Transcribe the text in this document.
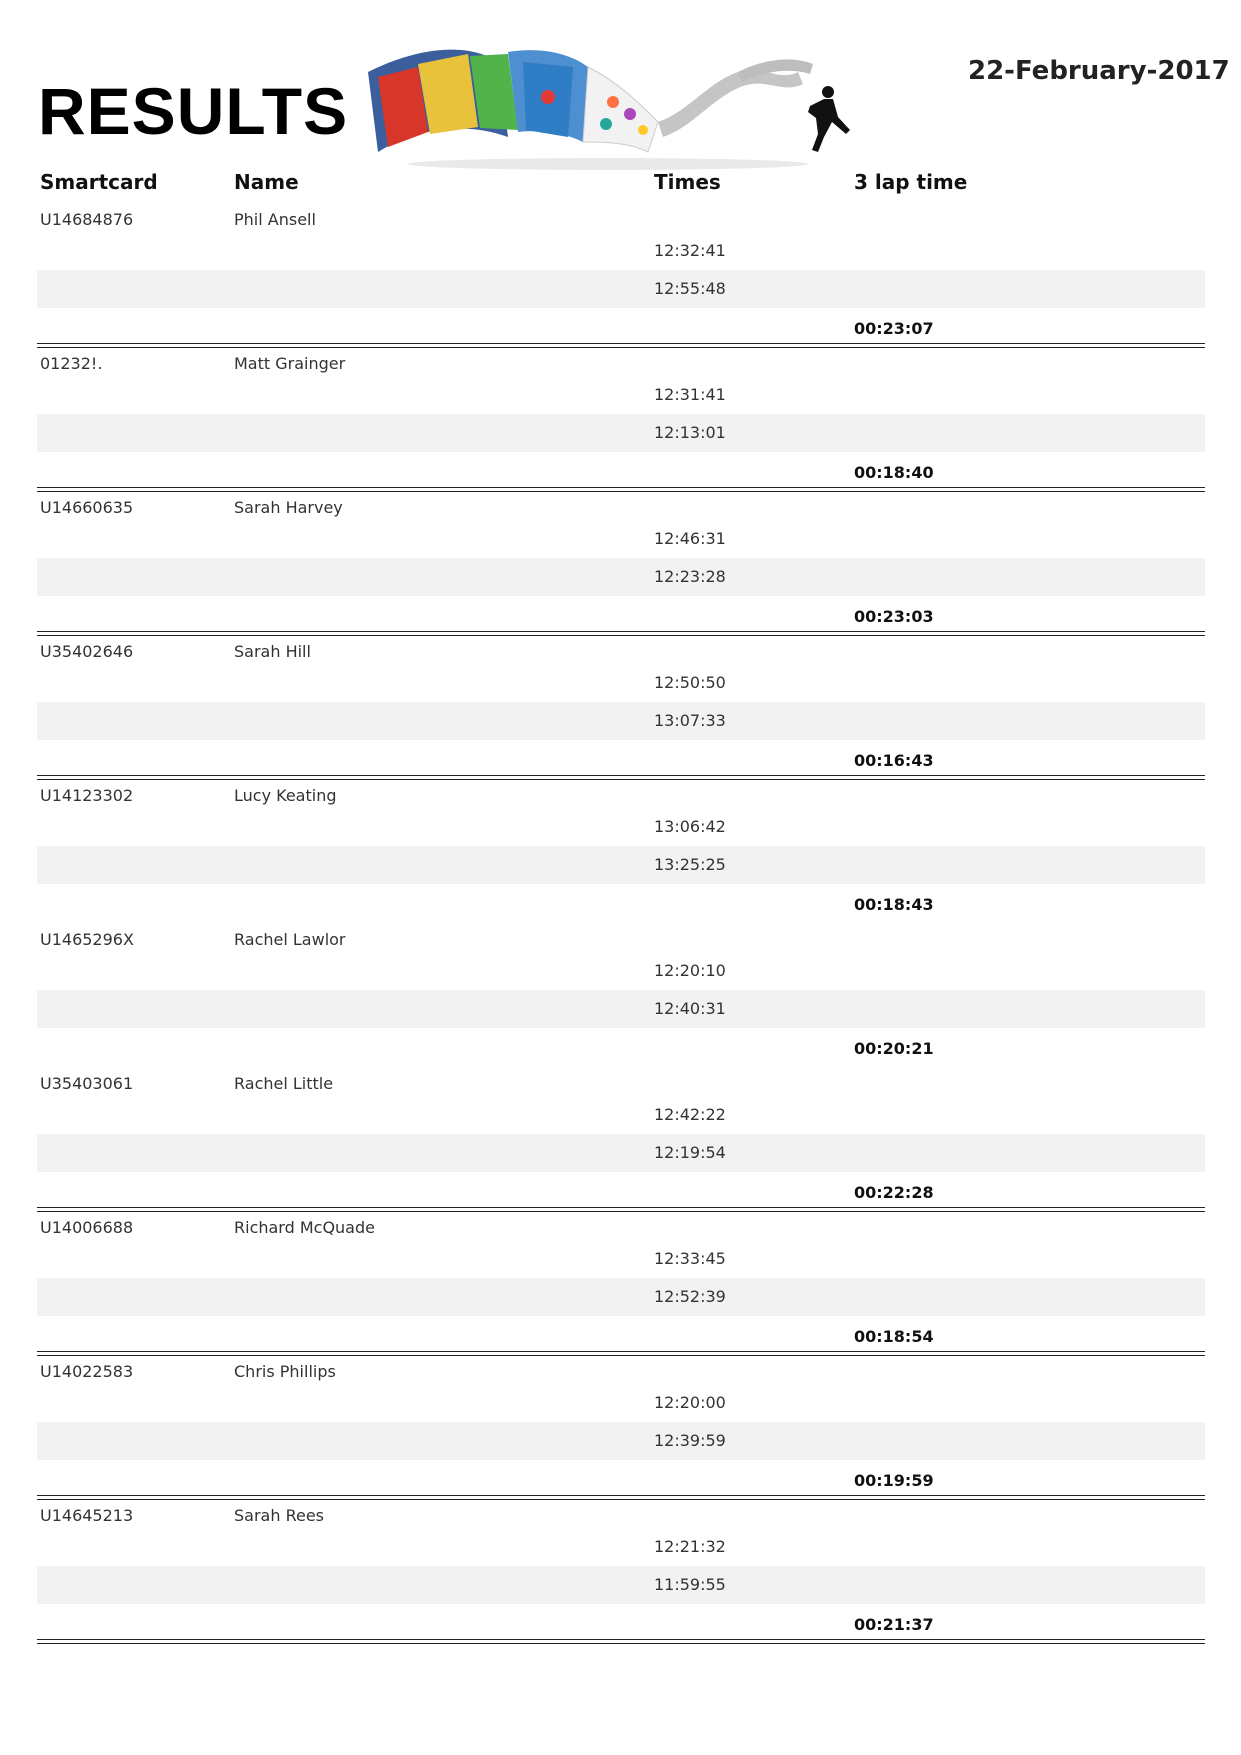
RESULTS
22-February-2017
Smartcard	Name	Times	3 lap time
U14684876	Phil Ansell
12:32:41
12:55:48
00:23:07
01232!.	Matt Grainger
12:31:41
12:13:01
00:18:40
U14660635	Sarah Harvey
12:46:31
12:23:28
00:23:03
U35402646	Sarah Hill
12:50:50
13:07:33
00:16:43
U14123302	Lucy Keating
13:06:42
13:25:25
00:18:43
U1465296X	Rachel Lawlor
12:20:10
12:40:31
00:20:21
U35403061	Rachel Little
12:42:22
12:19:54
00:22:28
U14006688	Richard McQuade
12:33:45
12:52:39
00:18:54
U14022583	Chris Phillips
12:20:00
12:39:59
00:19:59
U14645213	Sarah Rees
12:21:32
11:59:55
00:21:37
